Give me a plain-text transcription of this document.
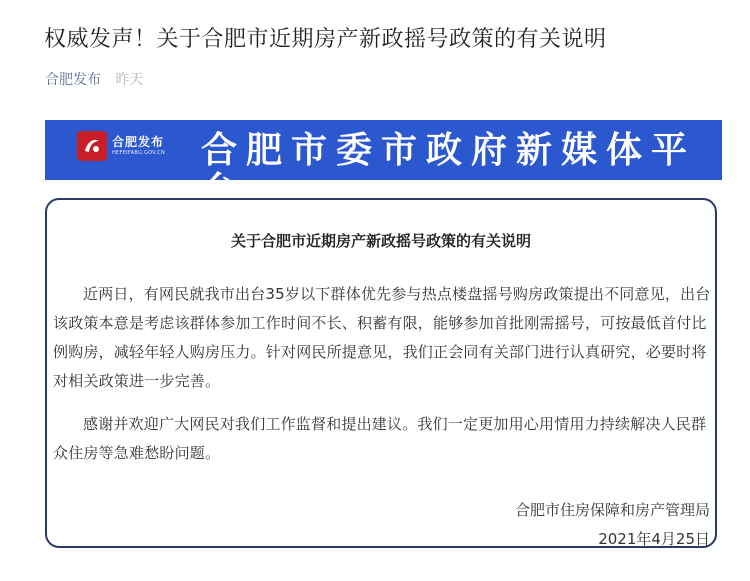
权威发声！关于合肥市近期房产新政摇号政策的有关说明
合肥发布 昨天
合肥发布
HEFEIFABU.GOV.CN 合肥市委市政府新媒体平台
关于合肥市近期房产新政摇号政策的有关说明
近两日，有网民就我市出台35岁以下群体优先参与热点楼盘摇号购房政策提出不同意见，出台该政策本意是考虑该群体参加工作时间不长、积蓄有限，能够参加首批刚需摇号，可按最低首付比例购房，减轻年轻人购房压力。针对网民所提意见，我们正会同有关部门进行认真研究，必要时将对相关政策进一步完善。
感谢并欢迎广大网民对我们工作监督和提出建议。我们一定更加用心用情用力持续解决人民群众住房等急难愁盼问题。
合肥市住房保障和房产管理局
2021年4月25日
